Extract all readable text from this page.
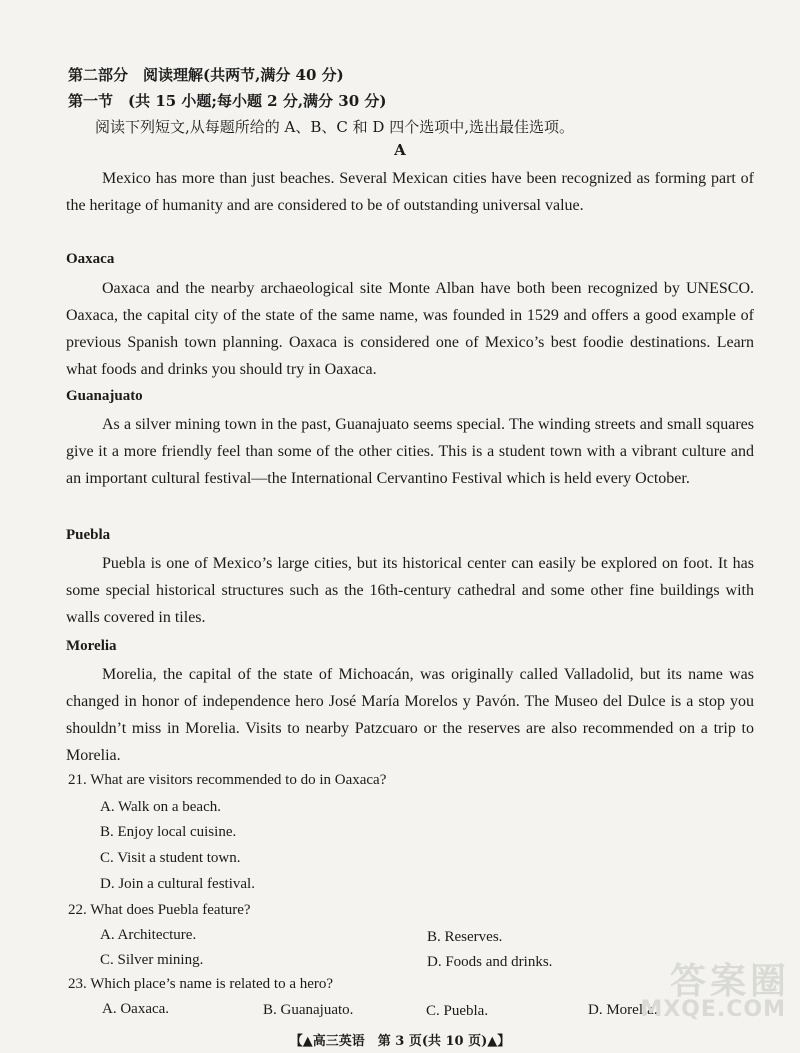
第二部分　阅读理解(共两节,满分 40 分)
第一节　(共 15 小题;每小题 2 分,满分 30 分)
阅读下列短文,从每题所给的 A、B、C 和 D 四个选项中,选出最佳选项。
A
Mexico has more than just beaches. Several Mexican cities have been recognized as forming part of the heritage of humanity and are considered to be of outstanding universal value.
Oaxaca
Oaxaca and the nearby archaeological site Monte Alban have both been recognized by UNESCO. Oaxaca, the capital city of the state of the same name, was founded in 1529 and offers a good example of previous Spanish town planning. Oaxaca is considered one of Mexico’s best foodie destinations. Learn what foods and drinks you should try in Oaxaca.
Guanajuato
As a silver mining town in the past, Guanajuato seems special. The winding streets and small squares give it a more friendly feel than some of the other cities. This is a student town with a vibrant culture and an important cultural festival—the International Cervantino Festival which is held every October.
Puebla
Puebla is one of Mexico’s large cities, but its historical center can easily be explored on foot. It has some special historical structures such as the 16th-century cathedral and some other fine buildings with walls covered in tiles.
Morelia
Morelia, the capital of the state of Michoacán, was originally called Valladolid, but its name was changed in honor of independence hero José María Morelos y Pavón. The Museo del Dulce is a stop you shouldn’t miss in Morelia. Visits to nearby Patzcuaro or the reserves are also recommended on a trip to Morelia.
21. What are visitors recommended to do in Oaxaca?
A. Walk on a beach.
B. Enjoy local cuisine.
C. Visit a student town.
D. Join a cultural festival.
22. What does Puebla feature?
A. Architecture.	B. Reserves.
C. Silver mining.	D. Foods and drinks.
23. Which place’s name is related to a hero?
A. Oaxaca.	B. Guanajuato.	C. Puebla.	D. Morelia.
【▲高三英语　第 3 页(共 10 页)▲】
答案圈
MXQE.COM
